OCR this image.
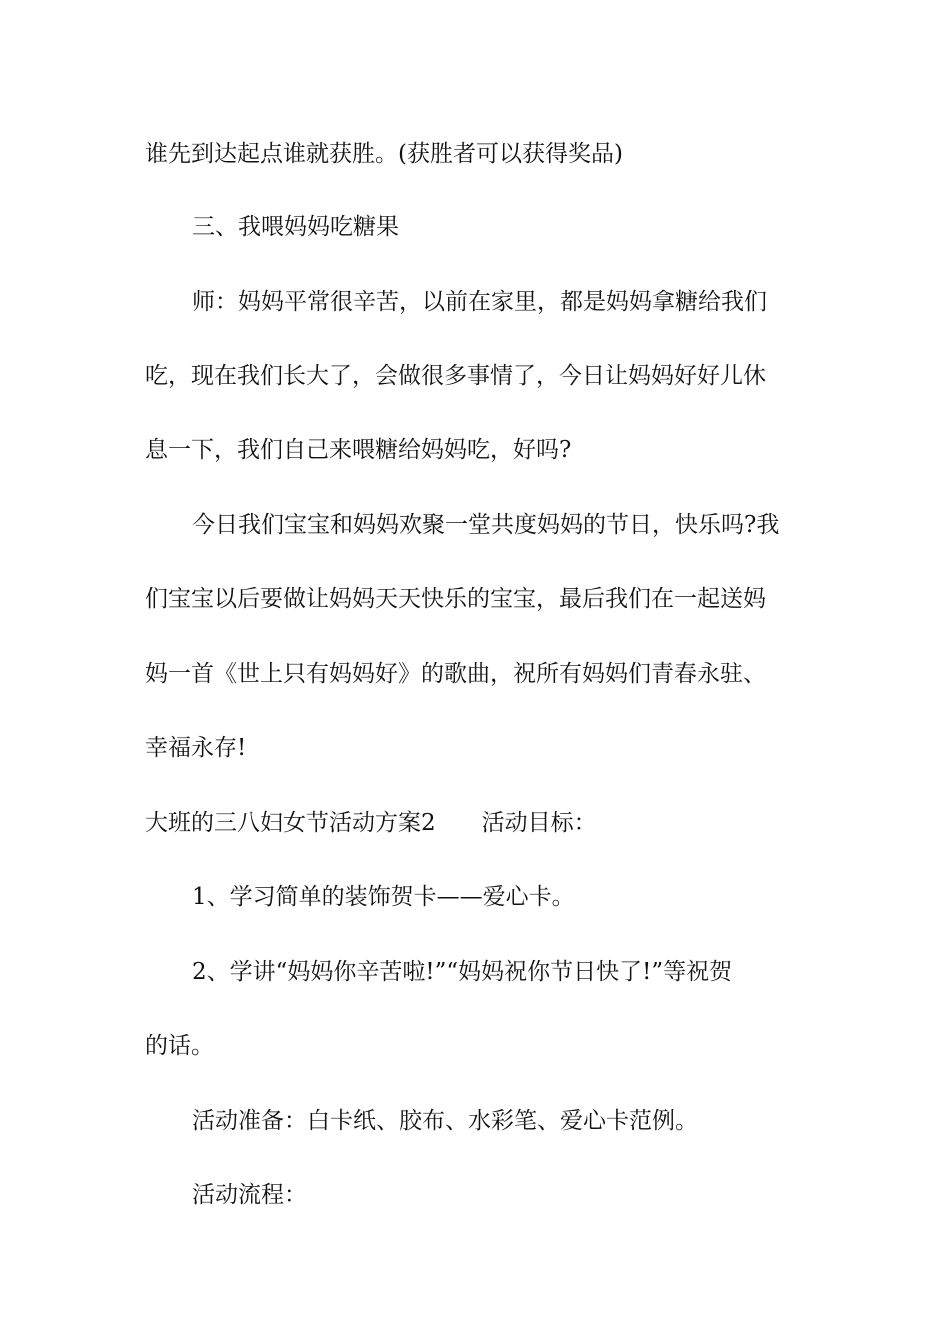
谁先到达起点谁就获胜。(获胜者可以获得奖品)
三、我喂妈妈吃糖果
师：妈妈平常很辛苦，以前在家里，都是妈妈拿糖给我们
吃，现在我们长大了，会做很多事情了，今日让妈妈好好儿休
息一下，我们自己来喂糖给妈妈吃，好吗?
今日我们宝宝和妈妈欢聚一堂共度妈妈的节日，快乐吗?我
们宝宝以后要做让妈妈天天快乐的宝宝，最后我们在一起送妈
妈一首《世上只有妈妈好》的歌曲，祝所有妈妈们青春永驻、
幸福永存!
大班的三八妇女节活动方案2　　活动目标：
1、学习简单的装饰贺卡——爱心卡。
2、学讲“妈妈你辛苦啦!”“妈妈祝你节日快了!”等祝贺
的话。
活动准备：白卡纸、胶布、水彩笔、爱心卡范例。
活动流程：
